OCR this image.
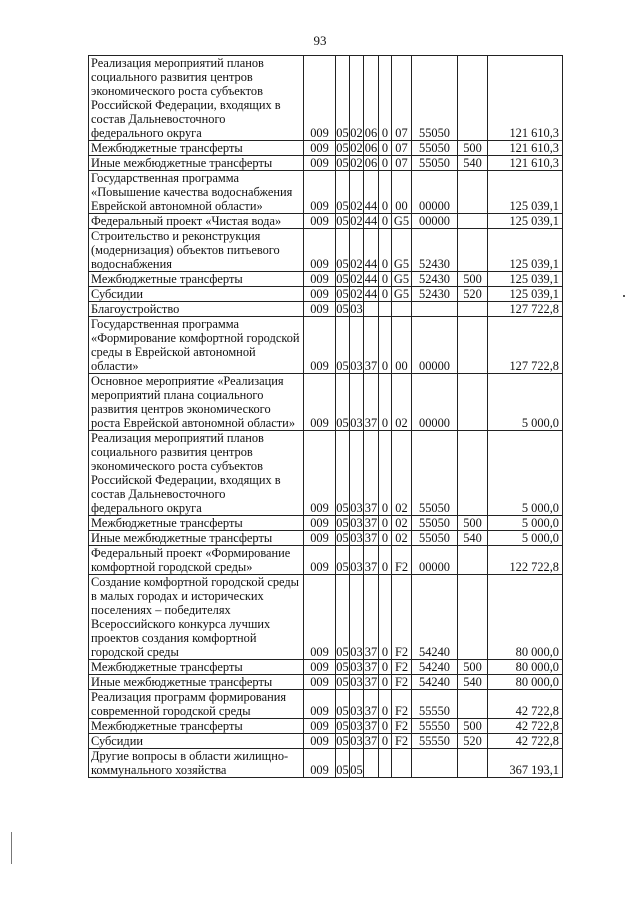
93
Реализация мероприятий планов социального развития центров экономического роста субъектов Российской Федерации, входящих в состав Дальневосточного федерального округа	009	05	02	06	0	07	55050		121 610,3
Межбюджетные трансферты	009	05	02	06	0	07	55050	500	121 610,3
Иные межбюджетные трансферты	009	05	02	06	0	07	55050	540	121 610,3
Государственная программа «Повышение качества водоснабжения Еврейской автономной области»	009	05	02	44	0	00	00000		125 039,1
Федеральный проект «Чистая вода»	009	05	02	44	0	G5	00000		125 039,1
Строительство и реконструкция (модернизация) объектов питьевого водоснабжения	009	05	02	44	0	G5	52430		125 039,1
Межбюджетные трансферты	009	05	02	44	0	G5	52430	500	125 039,1
Субсидии	009	05	02	44	0	G5	52430	520	125 039,1
Благоустройство	009	05	03						127 722,8
Государственная программа «Формирование комфортной городской среды в Еврейской автономной области»	009	05	03	37	0	00	00000		127 722,8
Основное мероприятие «Реализация мероприятий плана социального развития центров экономического роста Еврейской автономной области»	009	05	03	37	0	02	00000		5 000,0
Реализация мероприятий планов социального развития центров экономического роста субъектов Российской Федерации, входящих в состав Дальневосточного федерального округа	009	05	03	37	0	02	55050		5 000,0
Межбюджетные трансферты	009	05	03	37	0	02	55050	500	5 000,0
Иные межбюджетные трансферты	009	05	03	37	0	02	55050	540	5 000,0
Федеральный проект «Формирование комфортной городской среды»	009	05	03	37	0	F2	00000		122 722,8
Создание комфортной городской среды в малых городах и исторических поселениях – победителях Всероссийского конкурса лучших проектов создания комфортной городской среды	009	05	03	37	0	F2	54240		80 000,0
Межбюджетные трансферты	009	05	03	37	0	F2	54240	500	80 000,0
Иные межбюджетные трансферты	009	05	03	37	0	F2	54240	540	80 000,0
Реализация программ формирования современной городской среды	009	05	03	37	0	F2	55550		42 722,8
Межбюджетные трансферты	009	05	03	37	0	F2	55550	500	42 722,8
Субсидии	009	05	03	37	0	F2	55550	520	42 722,8
Другие вопросы в области жилищно-коммунального хозяйства	009	05	05						367 193,1
